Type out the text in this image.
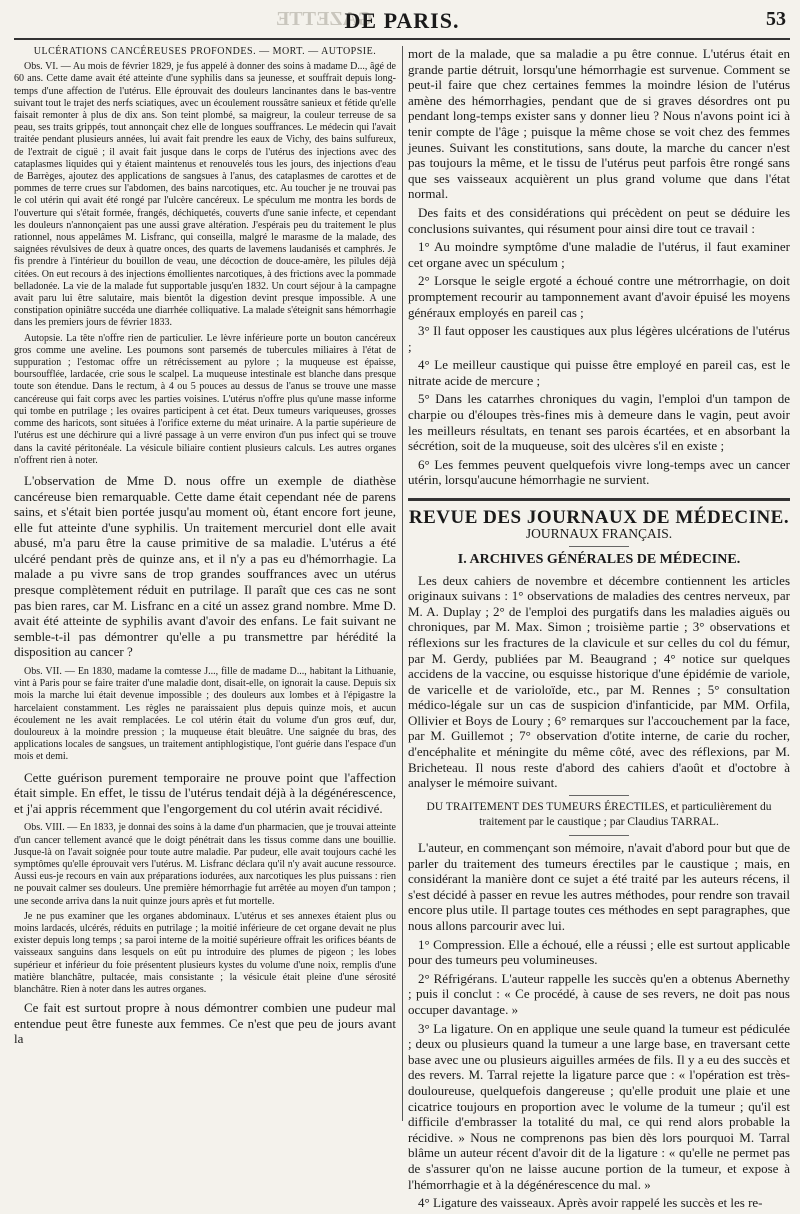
GAZETTE
DE PARIS.	53
ULCÉRATIONS CANCÉREUSES PROFONDES. — MORT. — AUTOPSIE.

Obs. VI. — Au mois de février 1829, je fus appelé à donner des soins à madame D..., âgé de 60 ans. Cette dame avait été atteinte d'une syphilis dans sa jeunesse, et souffrait depuis long-temps d'une affection de l'utérus. Elle éprouvait des douleurs lancinantes dans le bas-ventre suivant tout le trajet des nerfs sciatiques, avec un écoulement roussâtre sanieux et fétide qu'elle faisait remonter à plus de dix ans. Son teint plombé, sa maigreur, la couleur terreuse de sa peau, ses traits grippés, tout annonçait chez elle de longues souffrances. Le médecin qui l'avait traitée pendant plusieurs années, lui avait fait prendre les eaux de Vichy, des bains sulfureux, de l'extrait de ciguë ; il avait fait jusque dans le corps de l'utérus des injections avec des cataplasmes liquides qui y étaient maintenus et renouvelés tous les jours, des injections d'eau de Barrèges, ajoutez des applications de sangsues à l'anus, des cataplasmes de carottes et de pommes de terre crues sur l'abdomen, des bains narcotiques, etc. Au toucher je ne trouvai pas le col utérin qui avait été rongé par l'ulcère cancéreux. Le spéculum me montra les bords de l'ouverture qui s'était formée, frangés, déchiquetés, couverts d'une sanie infecte, et cependant les douleurs n'annonçaient pas une aussi grave altération. J'espérais peu du traitement le plus rationnel, nous appelâmes M. Lisfranc, qui conseilla, malgré le marasme de la malade, des saignées révulsives de deux à quatre onces, des quarts de lavemens laudanisés et camphrés. Je fis prendre à l'intérieur du bouillon de veau, une décoction de douce-amère, les pilules déjà citées. On eut recours à des injections émollientes narcotiques, à des frictions avec la pommade belladonée. La vie de la malade fut supportable jusqu'en 1832. Un court séjour à la campagne avait paru lui être salutaire, mais bientôt la digestion devint presque impossible. A une constipation opiniâtre succéda une diarrhée colliquative. La malade s'éteignit sans hémorrhagie dans les premiers jours de février 1833.

Autopsie. La tête n'offre rien de particulier. Le lèvre inférieure porte un bouton cancéreux gros comme une aveline. Les poumons sont parsemés de tubercules miliaires à l'état de suppuration ; l'estomac offre un rétrécissement au pylore ; la muqueuse est épaisse, boursoufflée, lardacée, crie sous le scalpel. La muqueuse intestinale est blanche dans presque toute son étendue. Dans le rectum, à 4 ou 5 pouces au dessus de l'anus se trouve une masse cancéreuse qui fait corps avec les parties voisines. L'utérus n'offre plus qu'une masse informe qui tombe en putrilage ; les ovaires participent à cet état. Deux tumeurs variqueuses, grosses comme des haricots, sont situées à l'orifice externe du méat urinaire. A la partie supérieure de l'utérus est une déchirure qui a livré passage à un verre environ d'un pus infect qui se trouve dans la cavité péritonéale. La vésicule biliaire contient plusieurs calculs. Les autres organes n'offrent rien à noter.

L'observation de Mme D. nous offre un exemple de diathèse cancéreuse bien remarquable. Cette dame était cependant née de parens sains, et s'était bien portée jusqu'au moment où, étant encore fort jeune, elle fut atteinte d'une syphilis. Un traitement mercuriel dont elle avait abusé, m'a paru être la cause primitive de sa maladie. L'utérus a été ulcéré pendant près de quinze ans, et il n'y a pas eu d'hémorrhagie. La malade a pu vivre sans de trop grandes souffrances avec un utérus presque complètement réduit en putrilage. Il paraît que ces cas ne sont pas bien rares, car M. Lisfranc en a cité un assez grand nombre. Mme D. avait été atteinte de syphilis avant d'avoir des enfans. Le fait suivant ne semble-t-il pas démontrer qu'elle a pu transmettre par hérédité la disposition au cancer ?

Obs. VII. — En 1830, madame la comtesse J..., fille de madame D..., habitant la Lithuanie, vint à Paris pour se faire traiter d'une maladie dont, disait-elle, on ignorait la cause. Depuis six mois la marche lui était devenue impossible ; des douleurs aux lombes et à l'épigastre la harcelaient constamment. Les règles ne paraissaient plus depuis quinze mois, et aucun écoulement ne les avait remplacées. Le col utérin était du volume d'un gros œuf, dur, douloureux à la moindre pression ; la muqueuse était bleuâtre. Une saignée du bras, des applications locales de sangsues, un traitement antiphlogistique, l'ont guérie dans l'espace d'un mois et demi.

Cette guérison purement temporaire ne prouve point que l'affection était simple. En effet, le tissu de l'utérus tendait déjà à la dégénérescence, et j'ai appris récemment que l'engorgement du col utérin avait récidivé.

Obs. VIII. — En 1833, je donnai des soins à la dame d'un pharmacien, que je trouvai atteinte d'un cancer tellement avancé que le doigt pénétrait dans les tissus comme dans une bouillie. Jusque-là on l'avait soignée pour toute autre maladie. Par pudeur, elle avait toujours caché les symptômes qu'elle éprouvait vers l'utérus. M. Lisfranc déclara qu'il n'y avait aucune ressource. Aussi eus-je recours en vain aux préparations iodurées, aux narcotiques les plus puissans : rien ne pouvait calmer ses douleurs. Une première hémorrhagie fut arrêtée au moyen d'un tampon ; une seconde arriva dans la nuit quinze jours après et fut mortelle.

Je ne pus examiner que les organes abdominaux. L'utérus et ses annexes étaient plus ou moins lardacés, ulcérés, réduits en putrilage ; la moitié inférieure de cet organe devait ne plus exister depuis long temps ; sa paroi interne de la moitié supérieure offrait les orifices béants de vaisseaux sanguins dans lesquels on eût pu introduire des plumes de pigeon ; les lobes supérieur et inférieur du foie présentent plusieurs kystes du volume d'une noix, remplis d'une matière blanchâtre, pultacée, mais consistante ; la vésicule était pleine d'une sérosité blanchâtre. Rien à noter dans les autres organes.

Ce fait est surtout propre à nous démontrer combien une pudeur mal entendue peut être funeste aux femmes. Ce n'est que peu de jours avant la

mort de la malade, que sa maladie a pu être connue. L'utérus était en grande partie détruit, lorsqu'une hémorrhagie est survenue. Comment se peut-il faire que chez certaines femmes la moindre lésion de l'utérus amène des hémorrhagies, pendant que de si graves désordres ont pu pendant long-temps exister sans y donner lieu ? Nous n'avons point ici à tenir compte de l'âge ; puisque la même chose se voit chez des femmes jeunes. Suivant les constitutions, sans doute, la marche du cancer n'est pas toujours la même, et le tissu de l'utérus peut parfois être rongé sans que ses vaisseaux acquièrent un plus grand volume que dans l'état normal.

Des faits et des considérations qui précèdent on peut se déduire les conclusions suivantes, qui résument pour ainsi dire tout ce travail :

1° Au moindre symptôme d'une maladie de l'utérus, il faut examiner cet organe avec un spéculum ;

2° Lorsque le seigle ergoté a échoué contre une métrorrhagie, on doit promptement recourir au tamponnement avant d'avoir épuisé les moyens généraux employés en pareil cas ;

3° Il faut opposer les caustiques aux plus légères ulcérations de l'utérus ;

4° Le meilleur caustique qui puisse être employé en pareil cas, est le nitrate acide de mercure ;

5° Dans les catarrhes chroniques du vagin, l'emploi d'un tampon de charpie ou d'éloupes très-fines mis à demeure dans le vagin, peut avoir les meilleurs résultats, en tenant ses parois écartées, et en absorbant la sécrétion, soit de la muqueuse, soit des ulcères s'il en existe ;

6° Les femmes peuvent quelquefois vivre long-temps avec un cancer utérin, lorsqu'aucune hémorrhagie ne survient.

REVUE DES JOURNAUX DE MÉDECINE.
JOURNAUX FRANÇAIS.
I. ARCHIVES GÉNÉRALES DE MÉDECINE.

Les deux cahiers de novembre et décembre contiennent les articles originaux suivans : 1° observations de maladies des centres nerveux, par M. A. Duplay ; 2° de l'emploi des purgatifs dans les maladies aiguës ou chroniques, par M. Max. Simon ; troisième partie ; 3° observations et réflexions sur les fractures de la clavicule et sur celles du col du fémur, par M. Gerdy, publiées par M. Beaugrand ; 4° notice sur quelques accidens de la vaccine, ou esquisse historique d'une épidémie de variole, de varicelle et de varioloïde, etc., par M. Rennes ; 5° consultation médico-légale sur un cas de suspicion d'infanticide, par MM. Orfila, Ollivier et Boys de Loury ; 6° remarques sur l'accouchement par la face, par M. Guillemot ; 7° observation d'otite interne, de carie du rocher, d'encéphalite et méningite du même côté, avec des réflexions, par M. Bricheteau. Il nous reste d'abord des cahiers d'août et d'octobre à analyser le mémoire suivant.

DU TRAITEMENT DES TUMEURS ÉRECTILES, et particulièrement du traitement par le caustique ; par Claudius TARRAL.

L'auteur, en commençant son mémoire, n'avait d'abord pour but que de parler du traitement des tumeurs érectiles par le caustique ; mais, en considérant la manière dont ce sujet a été traité par les auteurs récens, il s'est décidé à passer en revue les autres méthodes, pour rendre son travail encore plus utile. Il partage toutes ces méthodes en sept paragraphes, que nous allons parcourir avec lui.

1° Compression. Elle a échoué, elle a réussi ; elle est surtout applicable pour des tumeurs peu volumineuses.

2° Réfrigérans. L'auteur rappelle les succès qu'en a obtenus Abernethy ; puis il conclut : « Ce procédé, à cause de ses revers, ne doit pas nous occuper davantage. »

3° La ligature. On en applique une seule quand la tumeur est pédiculée ; deux ou plusieurs quand la tumeur a une large base, en traversant cette base avec une ou plusieurs aiguilles armées de fils. Il y a eu des succès et des revers. M. Tarral rejette la ligature parce que : « l'opération est très-douloureuse, quelquefois dangereuse ; qu'elle produit une plaie et une cicatrice toujours en proportion avec le volume de la tumeur ; qu'il est difficile d'embrasser la totalité du mal, ce qui rend alors probable la récidive. » Nous ne comprenons pas bien dès lors pourquoi M. Tarral blâme un auteur récent d'avoir dit de la ligature : « qu'elle ne permet pas de s'assurer qu'on ne laisse aucune portion de la tumeur, et expose à l'hémorrhagie et à la dégénérescence du mal. »

4° Ligature des vaisseaux. Après avoir rappelé les succès et les re-
